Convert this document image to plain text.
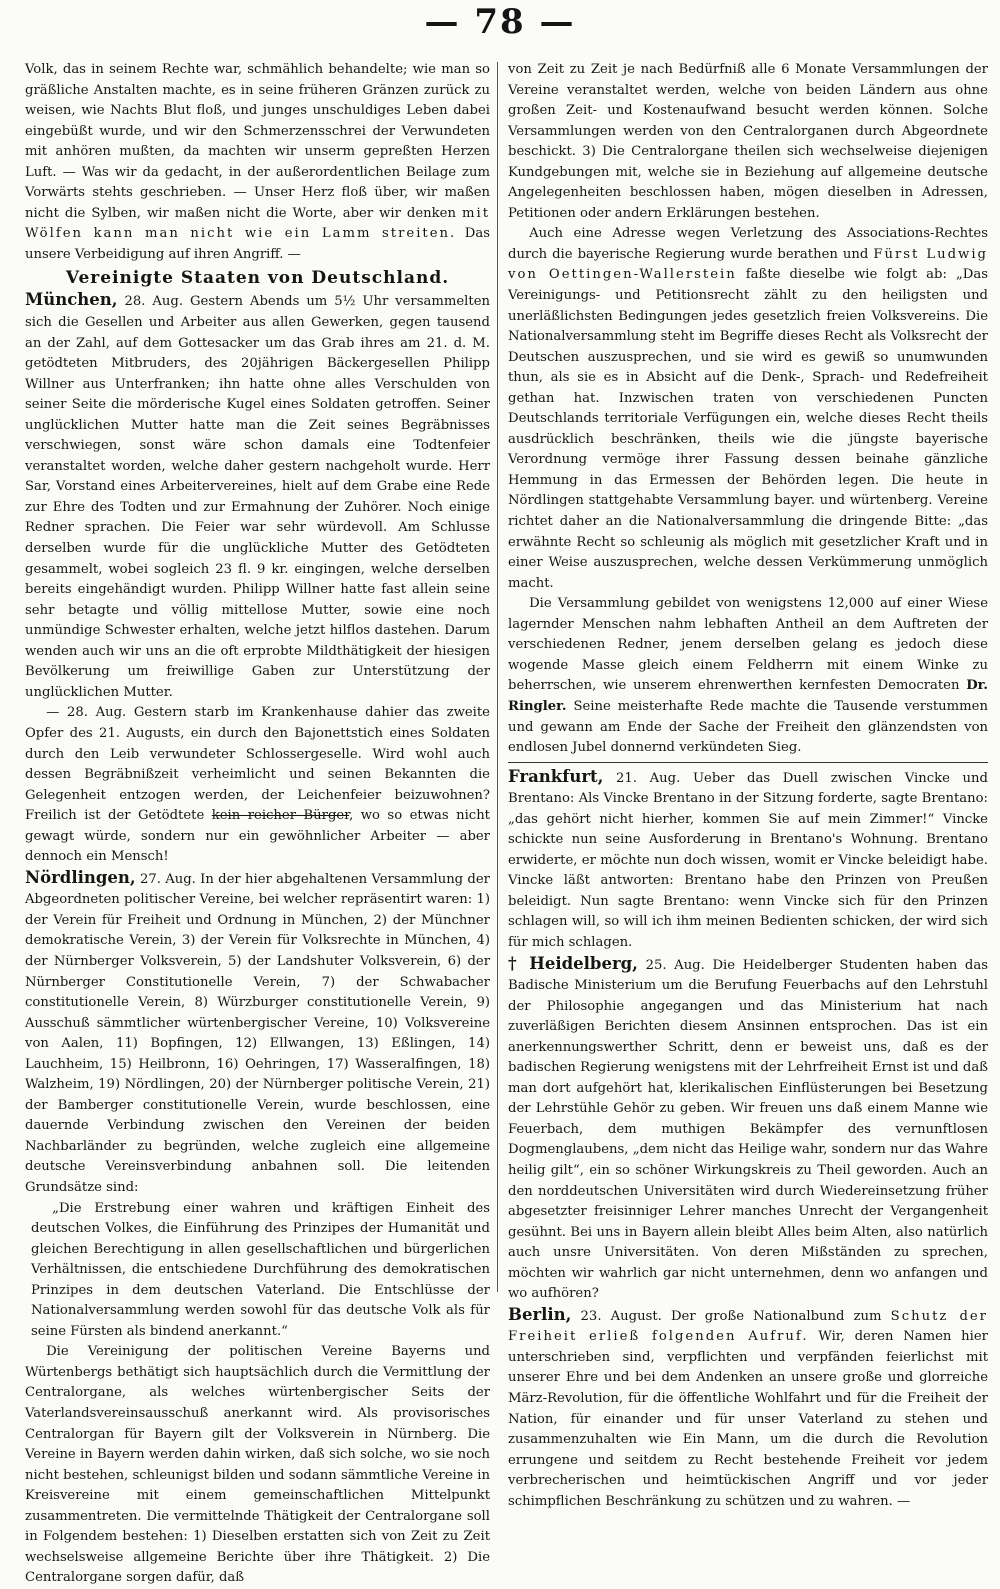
— 78 —

Volk, das in seinem Rechte war, schmählich behandelte; wie man so gräßliche Anstalten machte, es in seine früheren Gränzen zurück zu weisen, wie Nachts Blut floß, und junges unschuldiges Leben dabei eingebüßt wurde, und wir den Schmerzensschrei der Verwundeten mit anhören mußten, da machten wir unserm gepreßten Herzen Luft. — Was wir da gedacht, in der außerordentlichen Beilage zum Vorwärts stehts geschrieben. — Unser Herz floß über, wir maßen nicht die Sylben, wir maßen nicht die Worte, aber wir denken mit Wölfen kann man nicht wie ein Lamm streiten. Das unsere Verbeidigung auf ihren Angriff. —

Vereinigte Staaten von Deutschland.

München, 28. Aug. Gestern Abends um 5½ Uhr versammelten sich die Gesellen und Arbeiter aus allen Gewerken, gegen tausend an der Zahl, auf dem Gottesacker um das Grab ihres am 21. d. M. getödteten Mitbruders, des 20jährigen Bäckergesellen Philipp Willner aus Unterfranken; ihn hatte ohne alles Verschulden von seiner Seite die mörderische Kugel eines Soldaten getroffen. Seiner unglücklichen Mutter hatte man die Zeit seines Begräbnisses verschwiegen, sonst wäre schon damals eine Todtenfeier veranstaltet worden, welche daher gestern nachgeholt wurde. Herr Sar, Vorstand eines Arbeitervereines, hielt auf dem Grabe eine Rede zur Ehre des Todten und zur Ermahnung der Zuhörer. Noch einige Redner sprachen. Die Feier war sehr würdevoll. Am Schlusse derselben wurde für die unglückliche Mutter des Getödteten gesammelt, wobei sogleich 23 fl. 9 kr. eingingen, welche derselben bereits eingehändigt wurden. Philipp Willner hatte fast allein seine sehr betagte und völlig mittellose Mutter, sowie eine noch unmündige Schwester erhalten, welche jetzt hilflos dastehen. Darum wenden auch wir uns an die oft erprobte Mildthätigkeit der hiesigen Bevölkerung um freiwillige Gaben zur Unterstützung der unglücklichen Mutter.

— 28. Aug. Gestern starb im Krankenhause dahier das zweite Opfer des 21. Augusts, ein durch den Bajonettstich eines Soldaten durch den Leib verwundeter Schlossergeselle. Wird wohl auch dessen Begräbnißzeit verheimlicht und seinen Bekannten die Gelegenheit entzogen werden, der Leichenfeier beizuwohnen? Freilich ist der Getödtete kein reicher Bürger, wo so etwas nicht gewagt würde, sondern nur ein gewöhnlicher Arbeiter — aber dennoch ein Mensch!

Nördlingen, 27. Aug. In der hier abgehaltenen Versammlung der Abgeordneten politischer Vereine, bei welcher repräsentirt waren: 1) der Verein für Freiheit und Ordnung in München, 2) der Münchner demokratische Verein, 3) der Verein für Volksrechte in München, 4) der Nürnberger Volksverein, 5) der Landshuter Volksverein, 6) der Nürnberger Constitutionelle Verein, 7) der Schwabacher constitutionelle Verein, 8) Würzburger constitutionelle Verein, 9) Ausschuß sämmtlicher würtenbergischer Vereine, 10) Volksvereine von Aalen, 11) Bopfingen, 12) Ellwangen, 13) Eßlingen, 14) Lauchheim, 15) Heilbronn, 16) Oehringen, 17) Wasseralfingen, 18) Walzheim, 19) Nördlingen, 20) der Nürnberger politische Verein, 21) der Bamberger constitutionelle Verein, wurde beschlossen, eine dauernde Verbindung zwischen den Vereinen der beiden Nachbarländer zu begründen, welche zugleich eine allgemeine deutsche Vereinsverbindung anbahnen soll. Die leitenden Grundsätze sind:

„Die Erstrebung einer wahren und kräftigen Einheit des deutschen Volkes, die Einführung des Prinzipes der Humanität und gleichen Berechtigung in allen gesellschaftlichen und bürgerlichen Verhältnissen, die entschiedene Durchführung des demokratischen Prinzipes in dem deutschen Vaterland. Die Entschlüsse der Nationalversammlung werden sowohl für das deutsche Volk als für seine Fürsten als bindend anerkannt.“

Die Vereinigung der politischen Vereine Bayerns und Würtenbergs bethätigt sich hauptsächlich durch die Vermittlung der Centralorgane, als welches würtenbergischer Seits der Vaterlandsvereinsausschuß anerkannt wird. Als provisorisches Centralorgan für Bayern gilt der Volksverein in Nürnberg. Die Vereine in Bayern werden dahin wirken, daß sich solche, wo sie noch nicht bestehen, schleunigst bilden und sodann sämmtliche Vereine in Kreisvereine mit einem gemeinschaftlichen Mittelpunkt zusammentreten. Die vermittelnde Thätigkeit der Centralorgane soll in Folgendem bestehen: 1) Dieselben erstatten sich von Zeit zu Zeit wechselsweise allgemeine Berichte über ihre Thätigkeit. 2) Die Centralorgane sorgen dafür, daß

von Zeit zu Zeit je nach Bedürfniß alle 6 Monate Versammlungen der Vereine veranstaltet werden, welche von beiden Ländern aus ohne großen Zeit- und Kostenaufwand besucht werden können. Solche Versammlungen werden von den Centralorganen durch Abgeordnete beschickt. 3) Die Centralorgane theilen sich wechselweise diejenigen Kundgebungen mit, welche sie in Beziehung auf allgemeine deutsche Angelegenheiten beschlossen haben, mögen dieselben in Adressen, Petitionen oder andern Erklärungen bestehen.

Auch eine Adresse wegen Verletzung des Associations-Rechtes durch die bayerische Regierung wurde berathen und Fürst Ludwig von Oettingen-Wallerstein faßte dieselbe wie folgt ab: „Das Vereinigungs- und Petitionsrecht zählt zu den heiligsten und unerläßlichsten Bedingungen jedes gesetzlich freien Volksvereins. Die Nationalversammlung steht im Begriffe dieses Recht als Volksrecht der Deutschen auszusprechen, und sie wird es gewiß so unumwunden thun, als sie es in Absicht auf die Denk-, Sprach- und Redefreiheit gethan hat. Inzwischen traten von verschiedenen Puncten Deutschlands territoriale Verfügungen ein, welche dieses Recht theils ausdrücklich beschränken, theils wie die jüngste bayerische Verordnung vermöge ihrer Fassung dessen beinahe gänzliche Hemmung in das Ermessen der Behörden legen. Die heute in Nördlingen stattgehabte Versammlung bayer. und würtenberg. Vereine richtet daher an die Nationalversammlung die dringende Bitte: „das erwähnte Recht so schleunig als möglich mit gesetzlicher Kraft und in einer Weise auszusprechen, welche dessen Verkümmerung unmöglich macht.

Die Versammlung gebildet von wenigstens 12,000 auf einer Wiese lagernder Menschen nahm lebhaften Antheil an dem Auftreten der verschiedenen Redner, jenem derselben gelang es jedoch diese wogende Masse gleich einem Feldherrn mit einem Winke zu beherrschen, wie unserem ehrenwerthen kernfesten Democraten Dr. Ringler. Seine meisterhafte Rede machte die Tausende verstummen und gewann am Ende der Sache der Freiheit den glänzendsten von endlosen Jubel donnernd verkündeten Sieg.

Frankfurt, 21. Aug. Ueber das Duell zwischen Vincke und Brentano: Als Vincke Brentano in der Sitzung forderte, sagte Brentano: „das gehört nicht hierher, kommen Sie auf mein Zimmer!“ Vincke schickte nun seine Ausforderung in Brentano's Wohnung. Brentano erwiderte, er möchte nun doch wissen, womit er Vincke beleidigt habe. Vincke läßt antworten: Brentano habe den Prinzen von Preußen beleidigt. Nun sagte Brentano: wenn Vincke sich für den Prinzen schlagen will, so will ich ihm meinen Bedienten schicken, der wird sich für mich schlagen.

† Heidelberg, 25. Aug. Die Heidelberger Studenten haben das Badische Ministerium um die Berufung Feuerbachs auf den Lehrstuhl der Philosophie angegangen und das Ministerium hat nach zuverläßigen Berichten diesem Ansinnen entsprochen. Das ist ein anerkennungswerther Schritt, denn er beweist uns, daß es der badischen Regierung wenigstens mit der Lehrfreiheit Ernst ist und daß man dort aufgehört hat, klerikalischen Einflüsterungen bei Besetzung der Lehrstühle Gehör zu geben. Wir freuen uns daß einem Manne wie Feuerbach, dem muthigen Bekämpfer des vernunftlosen Dogmenglaubens, „dem nicht das Heilige wahr, sondern nur das Wahre heilig gilt“, ein so schöner Wirkungskreis zu Theil geworden. Auch an den norddeutschen Universitäten wird durch Wiedereinsetzung früher abgesetzter freisinniger Lehrer manches Unrecht der Vergangenheit gesühnt. Bei uns in Bayern allein bleibt Alles beim Alten, also natürlich auch unsre Universitäten. Von deren Mißständen zu sprechen, möchten wir wahrlich gar nicht unternehmen, denn wo anfangen und wo aufhören?

Berlin, 23. August. Der große Nationalbund zum Schutz der Freiheit erließ folgenden Aufruf. Wir, deren Namen hier unterschrieben sind, verpflichten und verpfänden feierlichst mit unserer Ehre und bei dem Andenken an unsere große und glorreiche März-Revolution, für die öffentliche Wohlfahrt und für die Freiheit der Nation, für einander und für unser Vaterland zu stehen und zusammenzuhalten wie Ein Mann, um die durch die Revolution errungene und seitdem zu Recht bestehende Freiheit vor jedem verbrecherischen und heimtückischen Angriff und vor jeder schimpflichen Beschränkung zu schützen und zu wahren. —
